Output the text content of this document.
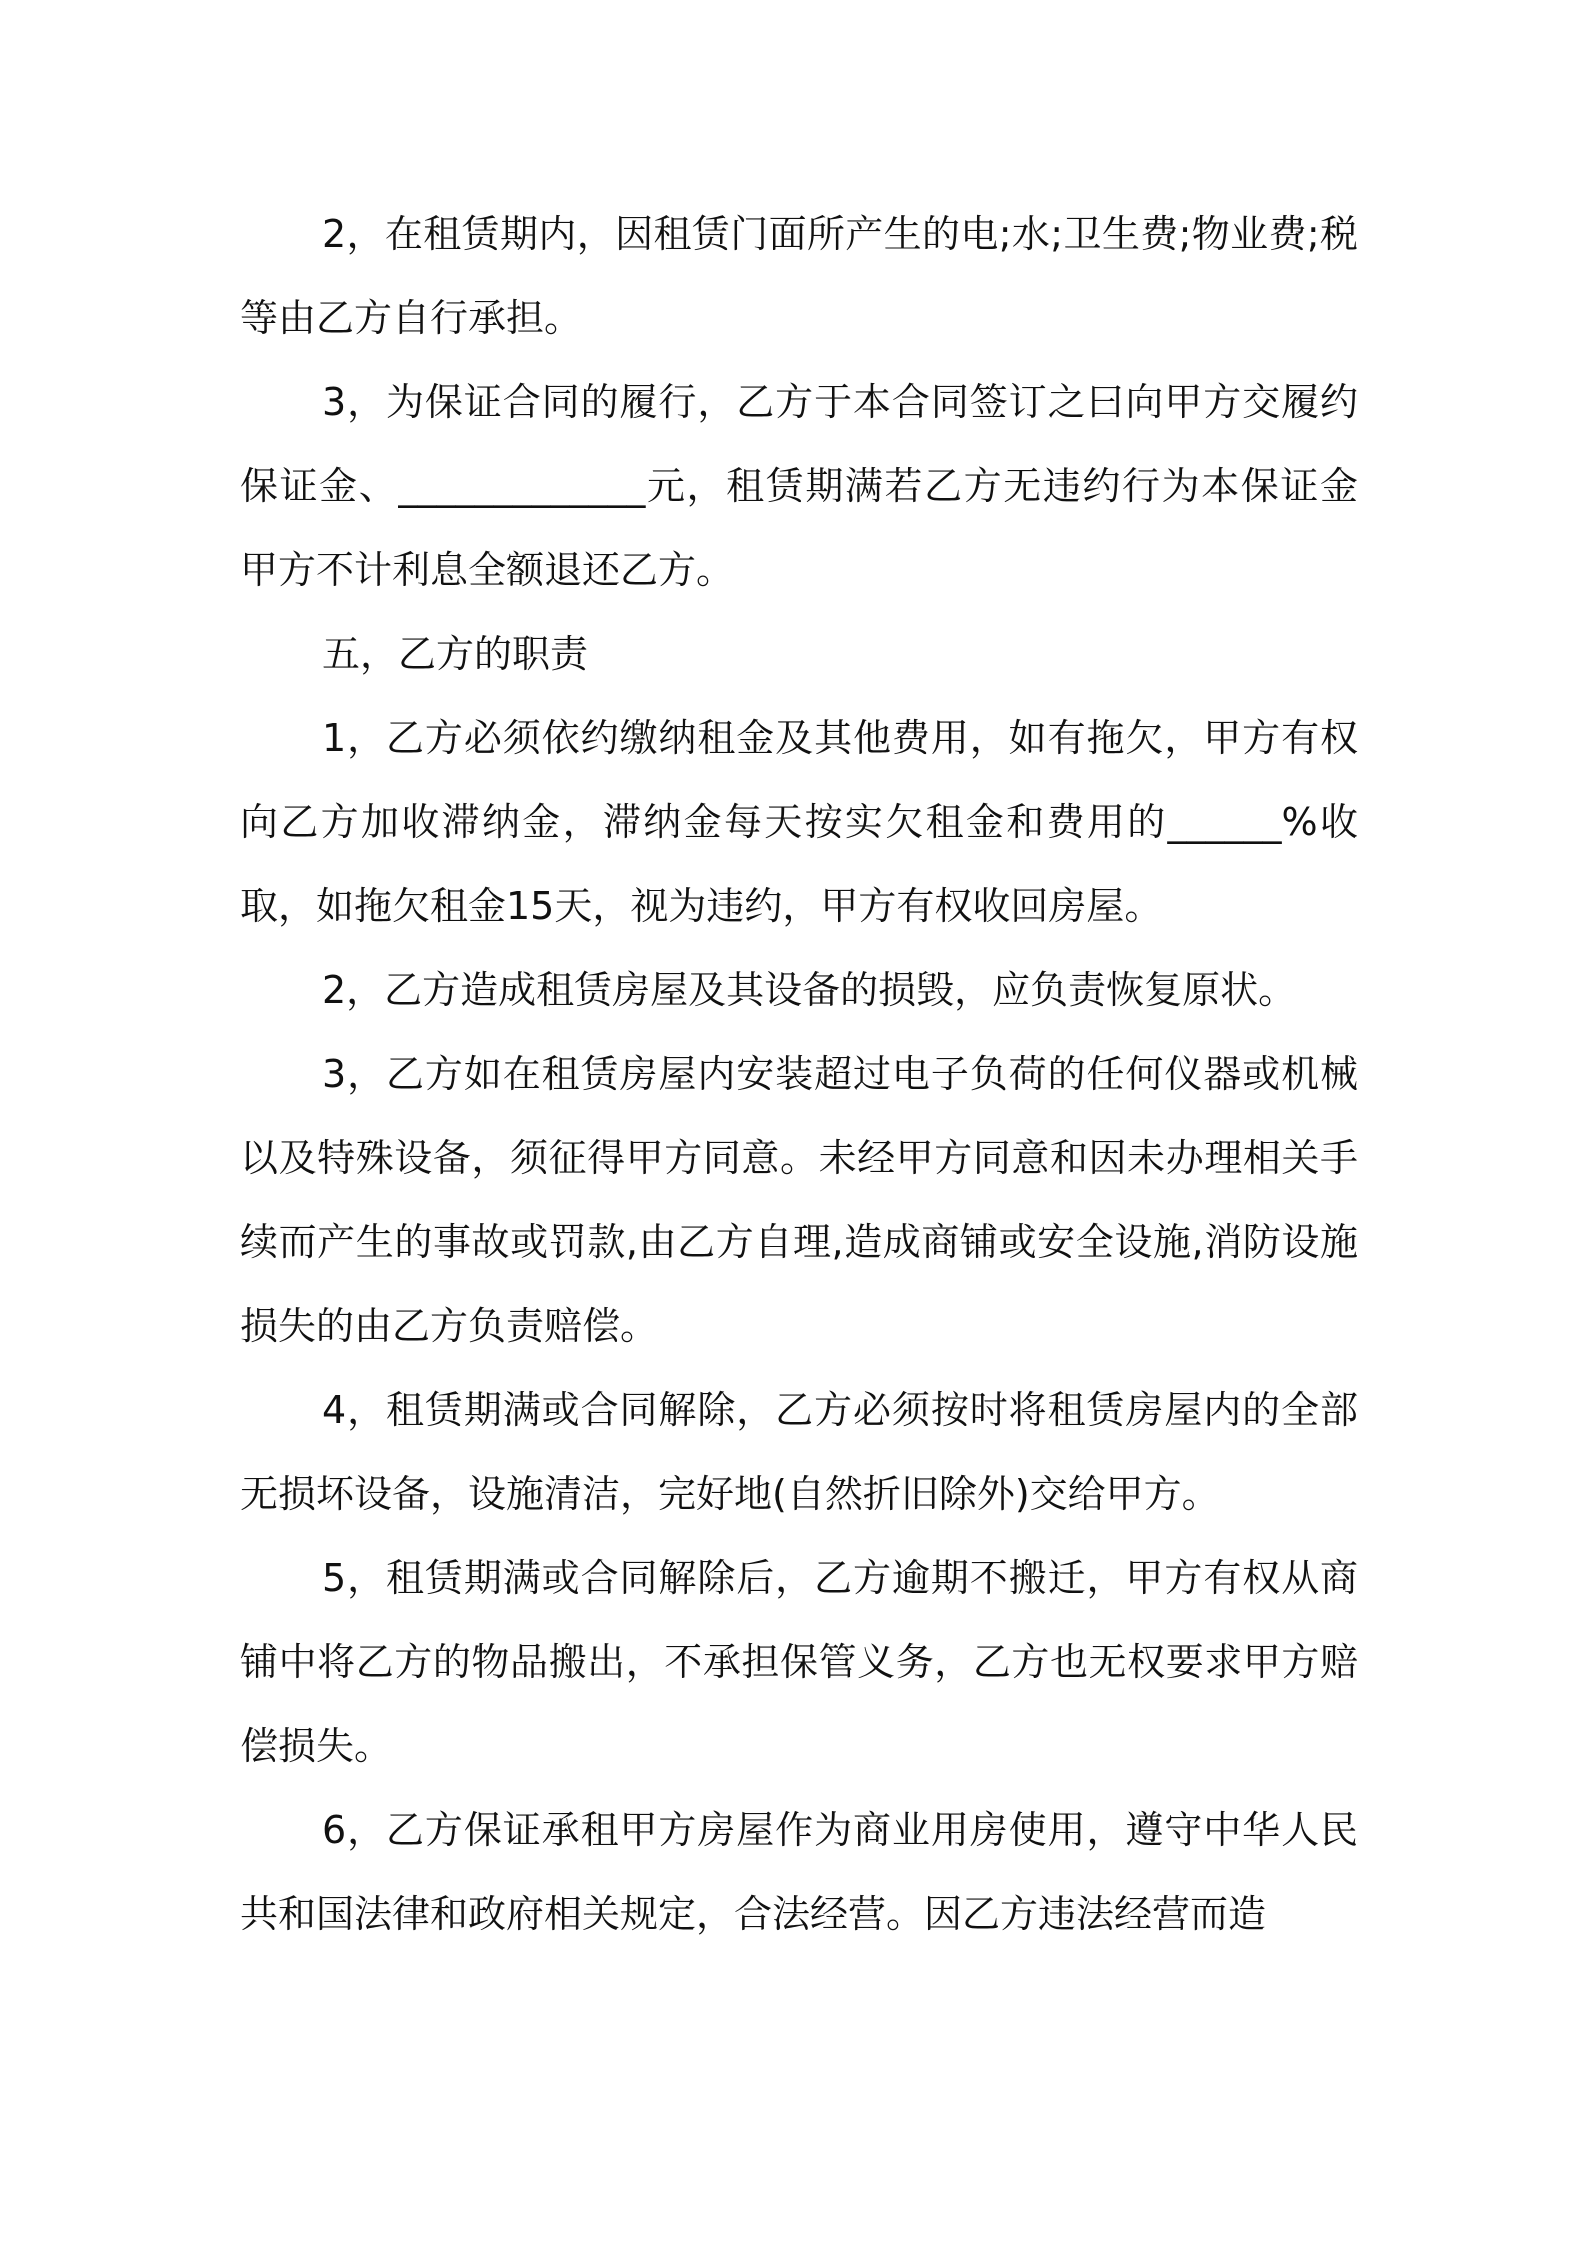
2，在租赁期内，因租赁门面所产生的电;水;卫生费;物业费;税等由乙方自行承担。

3，为保证合同的履行，乙方于本合同签订之曰向甲方交履约保证金、_____________元，租赁期满若乙方无违约行为本保证金甲方不计利息全额退还乙方。

五，乙方的职责

1，乙方必须依约缴纳租金及其他费用，如有拖欠，甲方有权向乙方加收滞纳金，滞纳金每天按实欠租金和费用的______%收取，如拖欠租金15天，视为违约，甲方有权收回房屋。

2，乙方造成租赁房屋及其设备的损毁，应负责恢复原状。

3，乙方如在租赁房屋内安装超过电子负荷的任何仪器或机械以及特殊设备，须征得甲方同意。未经甲方同意和因未办理相关手续而产生的事故或罚款,由乙方自理,造成商铺或安全设施,消防设施损失的由乙方负责赔偿。

4，租赁期满或合同解除，乙方必须按时将租赁房屋内的全部无损坏设备，设施清洁，完好地(自然折旧除外)交给甲方。

5，租赁期满或合同解除后，乙方逾期不搬迁，甲方有权从商铺中将乙方的物品搬出，不承担保管义务，乙方也无权要求甲方赔偿损失。

6，乙方保证承租甲方房屋作为商业用房使用，遵守中华人民共和国法律和政府相关规定，合法经营。因乙方违法经营而造
